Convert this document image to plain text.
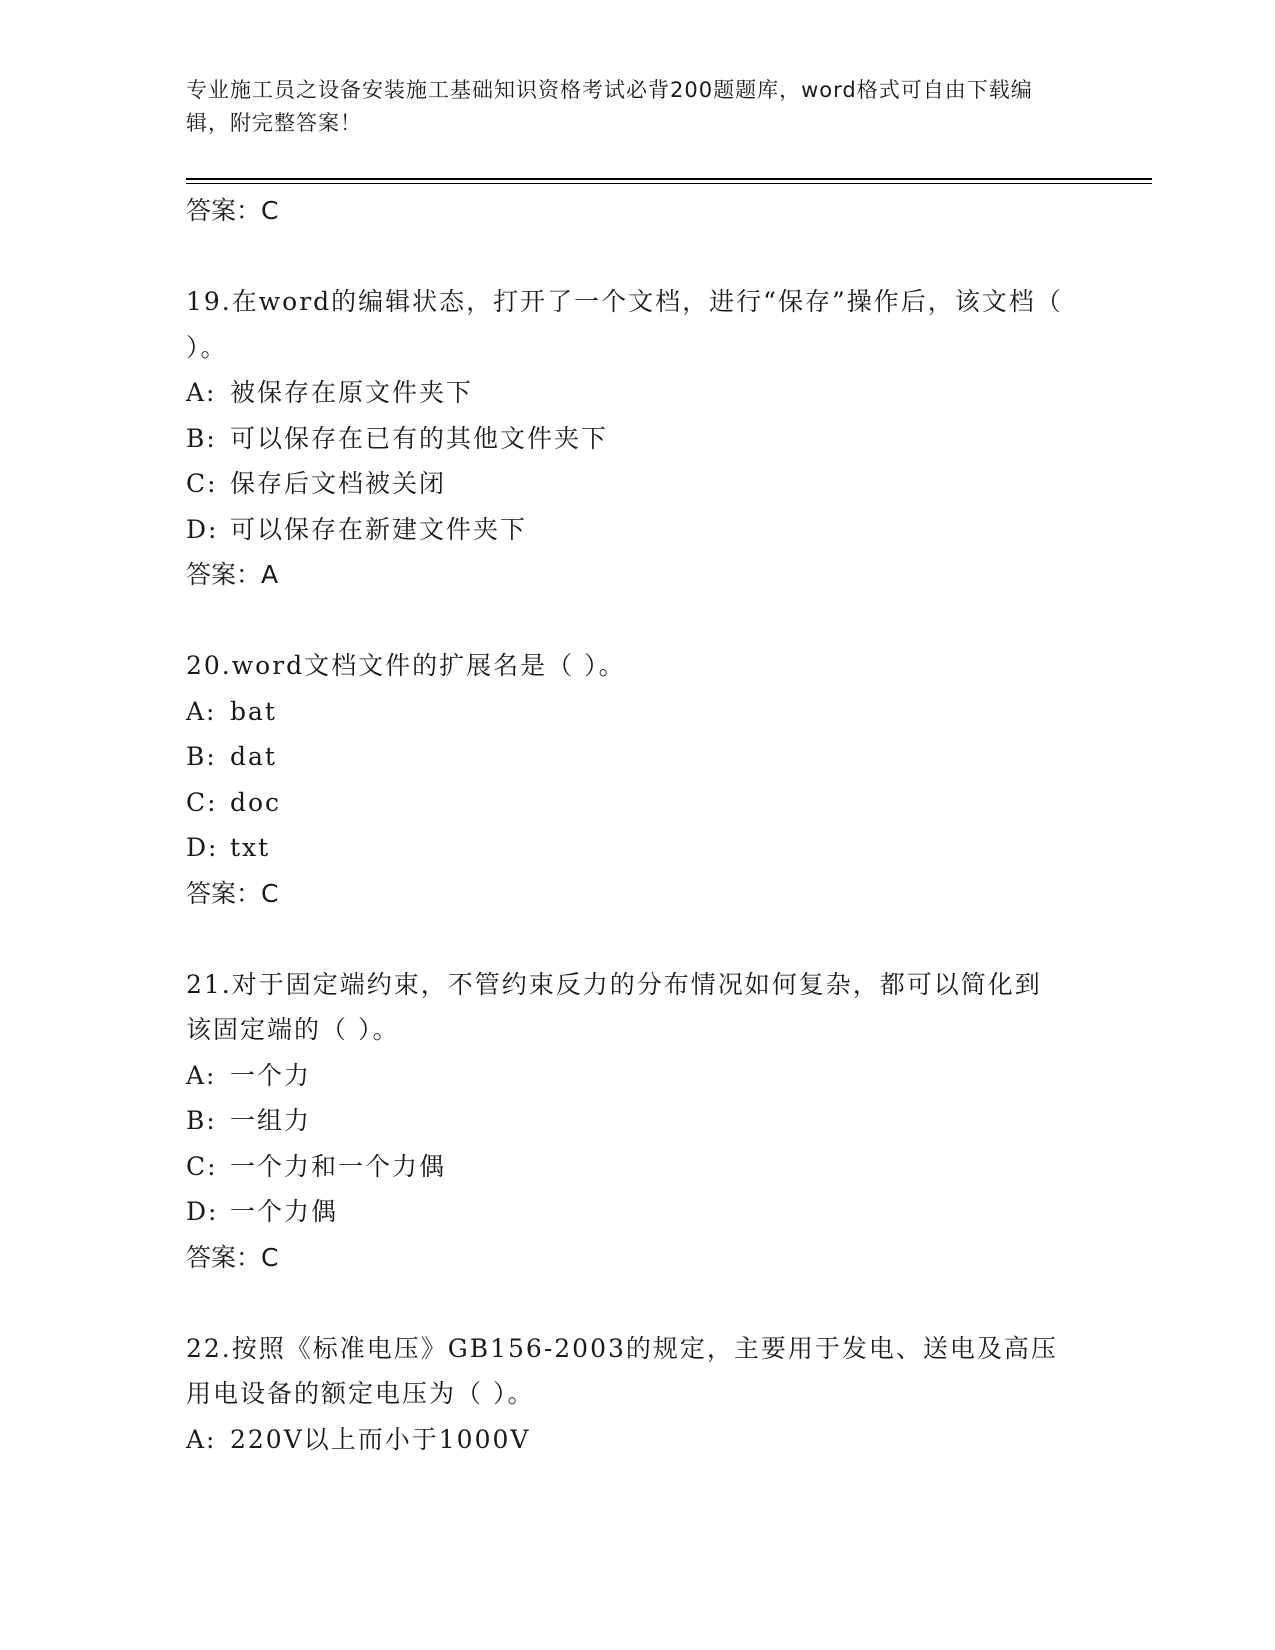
专业施工员之设备安装施工基础知识资格考试必背200题题库，word格式可自由下载编辑，附完整答案！
答案：C
19.在word的编辑状态，打开了一个文档，进行“保存”操作后，该文档（ ）。
A: 被保存在原文件夹下
B: 可以保存在已有的其他文件夹下
C: 保存后文档被关闭
D: 可以保存在新建文件夹下
答案：A
20.word文档文件的扩展名是（ ）。
A: bat
B: dat
C: doc
D: txt
答案：C
21.对于固定端约束，不管约束反力的分布情况如何复杂，都可以简化到该固定端的（ ）。
A: 一个力
B: 一组力
C: 一个力和一个力偶
D: 一个力偶
答案：C
22.按照《标准电压》GB156-2003的规定，主要用于发电、送电及高压用电设备的额定电压为（ ）。
A: 220V以上而小于1000V
